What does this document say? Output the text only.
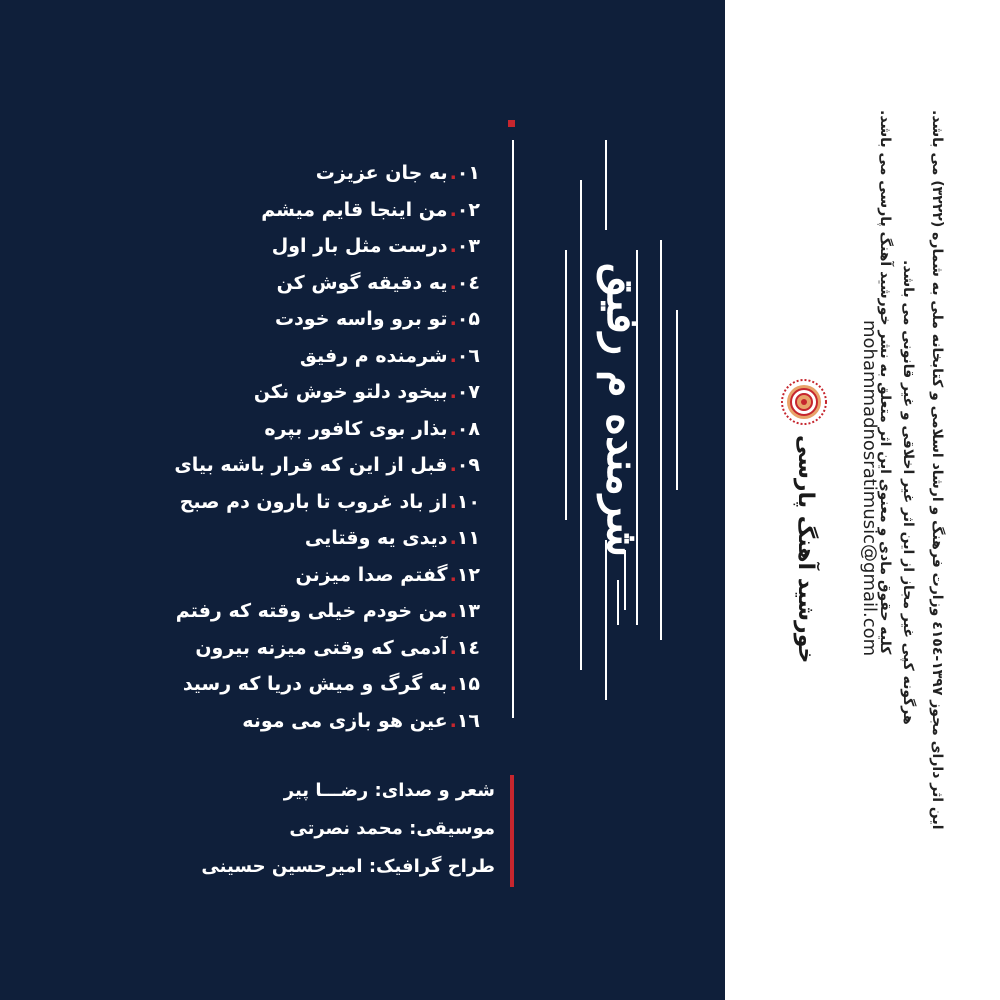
شرمنده م رفیق
.۰۱به جان عزیزت
.۰۲من اینجا قایم میشم
.۰۳درست مثل بار اول
.۰٤یه دقیقه گوش کن
.۰۵تو برو واسه خودت
.۰٦شرمنده م رفیق
.۰۷بیخود دلتو خوش نکن
.۰۸بذار بوی کافور بپره
.۰۹قبل از این که قرار باشه بیای
.۱۰از باد غروب تا بارون دم صبح
.۱۱دیدی یه وقتایی
.۱۲گفتم صدا میزنن
.۱۳من خودم خیلی وقته که رفتم
.۱٤آدمی که وقتی میزنه بیرون
.۱۵به گرگ و میش دریا که رسید
.۱٦عین هو بازی می مونه
شعر و صدای: رضـــا پیر
موسیقی: محمد نصرتی
طراح گرافیک: امیرحسین حسینی
خورشید آهنگ پارسی mohammadnosratimusic@gmail.com
کلیه حقوق مادی و معنوی این اثر متعلق به نشر خورشید آهنگ پارسی می باشد. هرگونه کپی غیر مجاز از این اثر غیر اخلاقی و غیر قانونی می باشد.
این اثر دارای مجوز ۱۳۹۷-٤١٥٤ وزارت فرهنگ و ارشاد اسلامی و کتابخانه ملی به شماره (۳۲۲۲) می باشد.
